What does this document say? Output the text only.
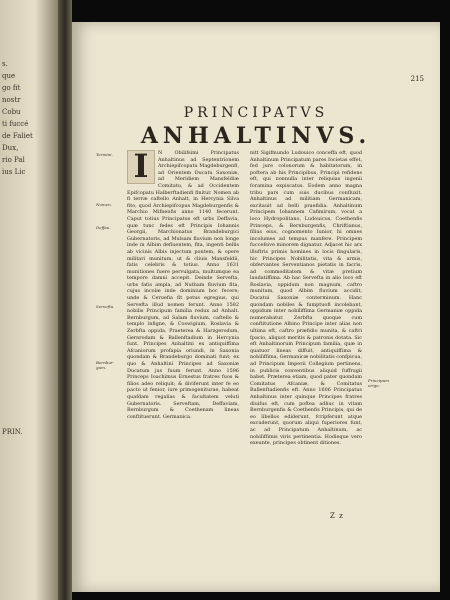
s.
que
go fit
nostr
Cobu
ti fuccé
de Faliet
Dux,
rio Pal
ius Lic
PRIN.
215
PRINCIPATVS
ANHALTINVS.
I	N Obilifsimi Principatus Anhaltinus ad Septentrionem Archiepifcopatu Magdeburgenfi, ad Orientem Ducatu Saxoniæ, ad Meridiem Mansfeldiæ Comitatu, & ad Occidentem Epifcopatu Halberftadienfi finitur. Nomen ab fl terræ caftello Anhalt, in Hercynia Silva fito, quod Archiepifcopus Magdeburgenfis & Marchio Mifnenfis anno 1140 fecerunt. Caput totius Principatus eft urbs Deffavia, quæ tunc fedes eft Principis Iohannis Georgii, Marchionatus Brandeburgici Gubernatoris, ad Mulsam fluvium non longe inde in Albim defluentem, fita, ingenti bellis ab vicinis Albis injectum pontem, & opere militari munitum, ut & cliuis Mansfeldii, fatis celebris & totius. Anno 1631 munitiones fuere pervulgata, multumque ea tempore damni accepit. Deinde Servefta, urbs fatis ampla, ad Nutham fluvium fita, cujus incolæ inde dominium hoc fecere; unde & Ceruefia fit potus egregius, qui Servefta illud nomen ferunt. Anno 1582 nobilis Principum familia redux ad Anhalt. Bernburgum, ad Salam fluvium, caftello & templo infigne, & Coswigium, Roslavia & Zerbfta oppida. Praeterea & Harzgerodum, Gernrodam & Ballenftadium in Hercynia funt. Principes Anhaltini ex antiquiffima Afcaniorum profapia oriundi, in Saxonia quondam & Brandeburgo dominati funt; ex quo & Anhaltini Principes ad Saxoniæ Ducatum jus fuum ferunt. Anno 1596 Princeps Ioachimus Ernestus fratres fuos & filios adeo reliquit; & diviferunt inter fe eo pacto ut fenior, iure primogeniturae, habeat quafdam regalias & facultatem veluti Gubernatoris. Serveftam, Deffaviam, Bernburgum & Coethenam lineas conftituerunt. Germanica.
nitt Sigifmundo Ludouico conceffa eft, quod Anhaltinum Principatum pares focietas effet, fed jure colonorum & habitatorum, in poftera ab his Principibus, Principi refidens eft, qui nonnulla inter reliquias ingenii foramina expiscatus. Eodem anno magna tribu pars cum suis ducibus confluxit. Anhaltinus ad militiam Germanicam, excitauit ad belli praefidia. Anhaltinum Principem Iohannem Cafimirum, vocat a loco Hydropolitano, Ludouicus, Coethenfis Princeps, & Bernburgenfis, Chriftianus, filius eius, cognomento Iunior, hi omnes incolumes ad tempus manfere. Principem fuccefsive minorem dignatur. Adjacet hic arx illuftris primis homines in locis fingularis, hic Principes Nobilitatis, vita & armis, obfervantes Serventianos pietatis in facris, ad commoditatem & vitæ pretium laudatiffima. Ab hac Servefta in alio loco eft Roslavia, oppidum non magnum, caftro munitum, quod Albim fluvium accidit, Ducatui Saxoniæ conterminum. Hanc quondam nobiles & fumptuofi incolebant, oppidum inter nobiliffima Germaniæ oppida numerabatur. Zerbfta quoque cum conftitutione Albino Principe inter alias non ultima eft, caftro præfidio munita, & caftri fpacio, aliquot meritis & patronis dotata. Sic eft Anhaltinorum Principum familia, quæ in quatuor lineas diffuit, antiquiffima & nobiliffima, Germanicæ nobilitatis confpicua, ad Principum Imperii Collegium pertinens, in publicis conventibus aliquid fuffragii habet. Præterea etiam, quod pater quondam Comitatus Afcaniæ, & Comitatus Ballenftadienfis eft. Anno 1606 Principatus Anhaltinus inter quinque Principes fratres diuifus eft, cum poftea adhuc in vitam Bernburgenfis & Coethenfis Principis, qui de eo libellos ediderunt, fcripferunt atque excuderunt, quorum aliqui fuperiores funt, ac ad Principatum Anhaltinum, ac nobiliffimis viris pertinentia. Hodieque vero exeunte, principes obtinent ditiones.
Termini.
Nomen.
Deffau.
Servefta.
Bernbur-gum.
Principum origo.
Z z
